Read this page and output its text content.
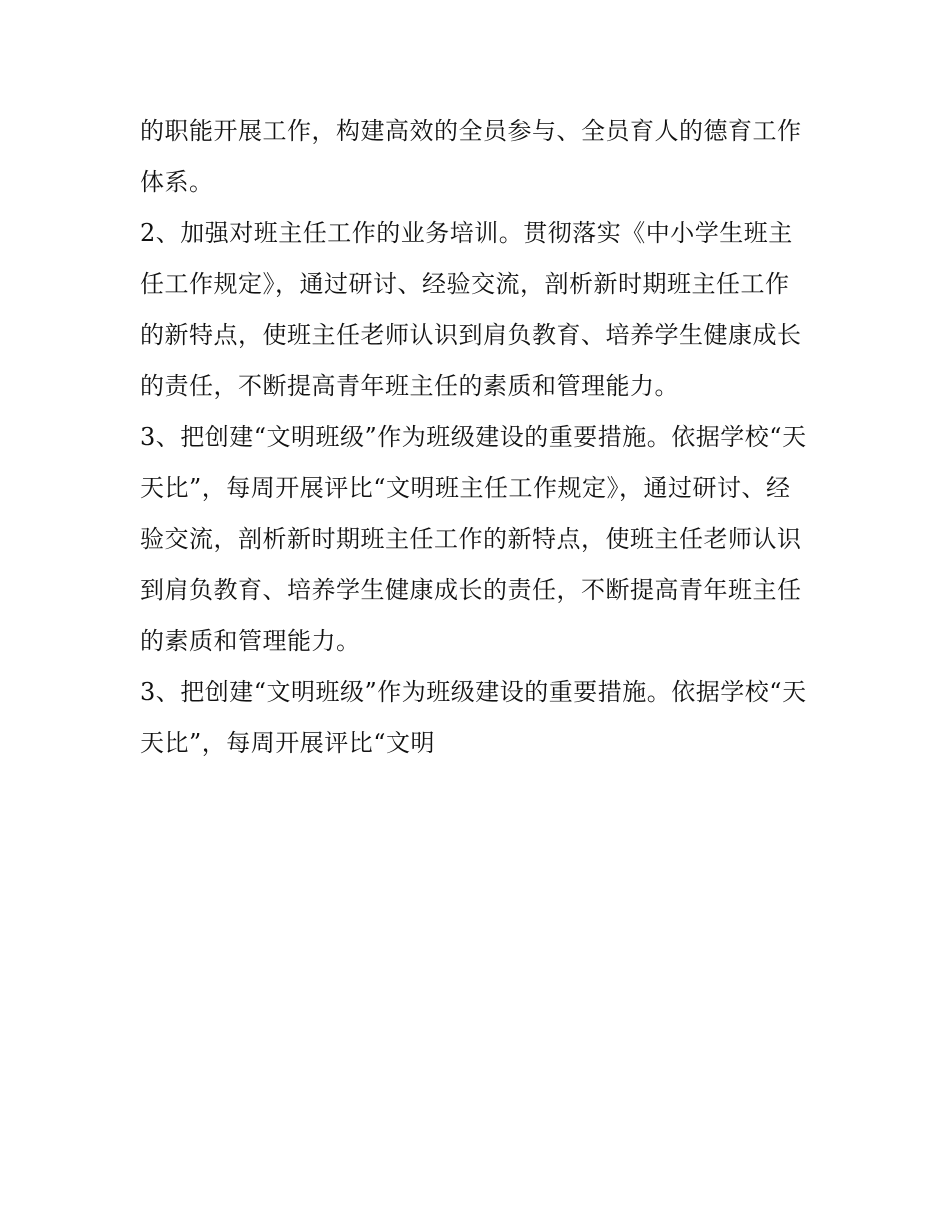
的职能开展工作，构建高效的全员参与、全员育人的德育工作
体系。
2、加强对班主任工作的业务培训。贯彻落实《中小学生班主
任工作规定》，通过研讨、经验交流，剖析新时期班主任工作
的新特点，使班主任老师认识到肩负教育、培养学生健康成长
的责任，不断提高青年班主任的素质和管理能力。
3、把创建“文明班级”作为班级建设的重要措施。依据学校“天
天比”，每周开展评比“文明班主任工作规定》，通过研讨、经
验交流，剖析新时期班主任工作的新特点，使班主任老师认识
到肩负教育、培养学生健康成长的责任，不断提高青年班主任
的素质和管理能力。
3、把创建“文明班级”作为班级建设的重要措施。依据学校“天
天比”，每周开展评比“文明
